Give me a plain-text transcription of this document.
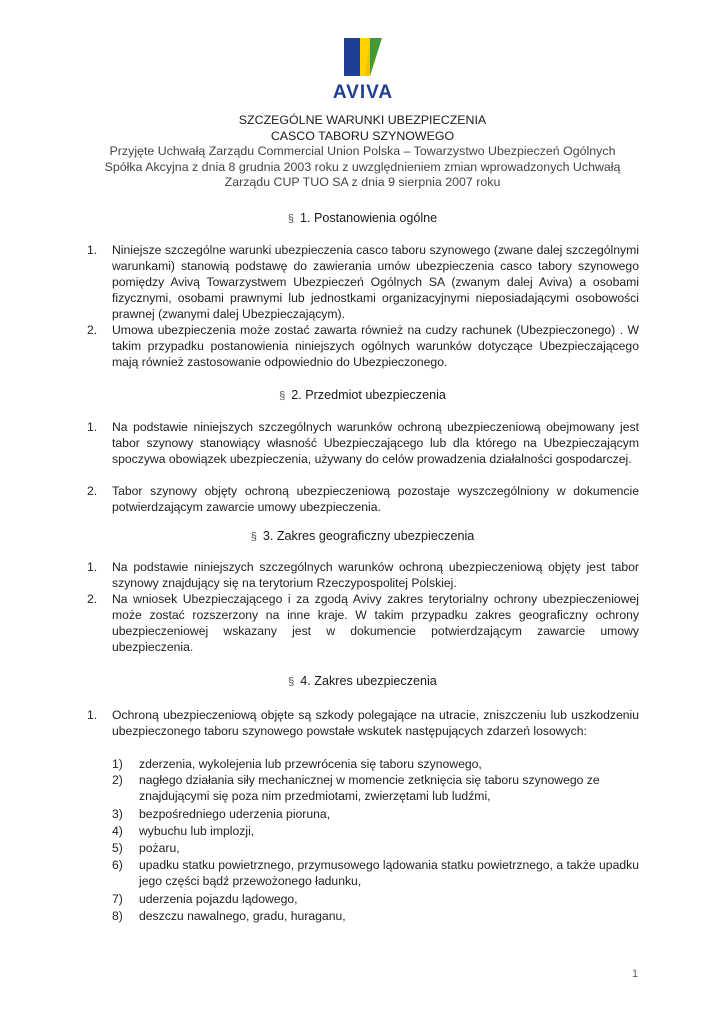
AVIVA
SZCZEGÓLNE WARUNKI UBEZPIECZENIA
CASCO TABORU SZYNOWEGO
Przyjęte Uchwałą Zarządu Commercial Union Polska – Towarzystwo Ubezpieczeń Ogólnych
Spółka Akcyjna z dnia 8 grudnia 2003 roku z uwzględnieniem zmian wprowadzonych Uchwałą
Zarządu CUP TUO SA z dnia 9 sierpnia 2007 roku
§ 1. Postanowienia ogólne
1. Niniejsze szczególne warunki ubezpieczenia casco taboru szynowego (zwane dalej szczególnymi warunkami) stanowią podstawę do zawierania umów ubezpieczenia casco tabory szynowego pomiędzy Avivą Towarzystwem Ubezpieczeń Ogólnych SA (zwanym dalej Aviva) a osobami fizycznymi, osobami prawnymi lub jednostkami organizacyjnymi nieposiadającymi osobowości prawnej (zwanymi dalej Ubezpieczającym).
2. Umowa ubezpieczenia może zostać zawarta również na cudzy rachunek (Ubezpieczonego) . W takim przypadku postanowienia niniejszych ogólnych warunków dotyczące Ubezpieczającego mają również zastosowanie odpowiednio do Ubezpieczonego.
§ 2. Przedmiot ubezpieczenia
1. Na podstawie niniejszych szczególnych warunków ochroną ubezpieczeniową obejmowany jest tabor szynowy stanowiący własność Ubezpieczającego lub dla którego na Ubezpieczającym spoczywa obowiązek ubezpieczenia, używany do celów prowadzenia działalności gospodarczej.
2. Tabor szynowy objęty ochroną ubezpieczeniową pozostaje wyszczególniony w dokumencie potwierdzającym zawarcie umowy ubezpieczenia.
§ 3. Zakres geograficzny ubezpieczenia
1. Na podstawie niniejszych szczególnych warunków ochroną ubezpieczeniową objęty jest tabor szynowy znajdujący się na terytorium Rzeczypospolitej Polskiej.
2. Na wniosek Ubezpieczającego i za zgodą Avivy zakres terytorialny ochrony ubezpieczeniowej może zostać rozszerzony na inne kraje. W takim przypadku zakres geograficzny ochrony ubezpieczeniowej wskazany jest w dokumencie potwierdzającym zawarcie umowy ubezpieczenia.
§ 4. Zakres ubezpieczenia
1. Ochroną ubezpieczeniową objęte są szkody polegające na utracie, zniszczeniu lub uszkodzeniu ubezpieczonego taboru szynowego powstałe wskutek następujących zdarzeń losowych:
1) zderzenia, wykolejenia lub przewrócenia się taboru szynowego,
2) nagłego działania siły mechanicznej w momencie zetknięcia się taboru szynowego ze znajdującymi się poza nim przedmiotami, zwierzętami lub ludźmi,
3) bezpośredniego uderzenia pioruna,
4) wybuchu lub implozji,
5) pożaru,
6) upadku statku powietrznego, przymusowego lądowania statku powietrznego, a także upadku jego części bądź przewożonego ładunku,
7) uderzenia pojazdu lądowego,
8) deszczu nawalnego, gradu, huraganu,
1
